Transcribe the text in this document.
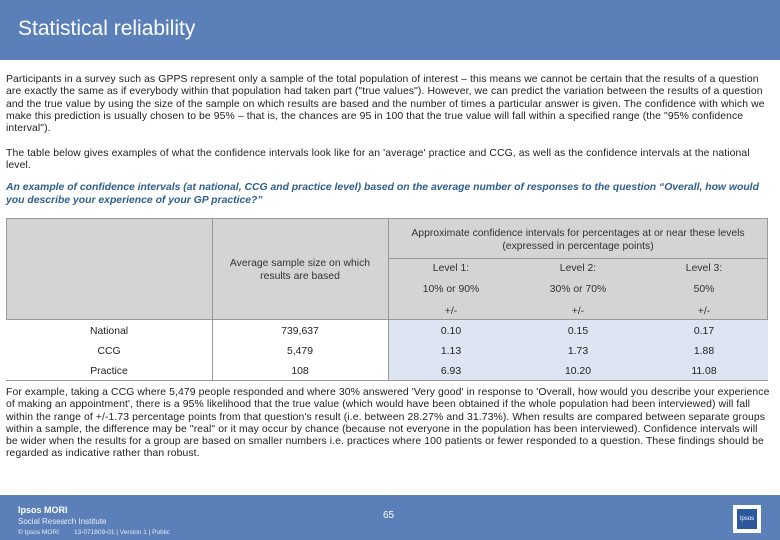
Statistical reliability
Participants in a survey such as GPPS represent only a sample of the total population of interest – this means we cannot be certain that the results of a question are exactly the same as if everybody within that population had taken part ("true values"). However, we can predict the variation between the results of a question and the true value by using the size of the sample on which results are based and the number of times a particular answer is given. The confidence with which we make this prediction is usually chosen to be 95% – that is, the chances are 95 in 100 that the true value will fall within a specified range (the "95% confidence interval").
The table below gives examples of what the confidence intervals look like for an 'average' practice and CCG, as well as the confidence intervals at the national level.
An example of confidence intervals (at national, CCG and practice level) based on the average number of responses to the question “Overall, how would you describe your experience of your GP practice?”
Approximate confidence intervals for percentages at or near these levels (expressed in percentage points)
Average sample size on which results are based
Level 1:	Level 2:	Level 3:
10% or 90%	30% or 70%	50%
+/-	+/-	+/-
National	739,637	0.10	0.15	0.17
CCG	5,479	1.13	1.73	1.88
Practice	108	6.93	10.20	11.08
For example, taking a CCG where 5,479 people responded and where 30% answered 'Very good' in response to 'Overall, how would you describe your experience of making an appointment', there is a 95% likelihood that the true value (which would have been obtained if the whole population had been interviewed) will fall within the range of +/-1.73 percentage points from that question's result (i.e. between 28.27% and 31.73%). When results are compared between separate groups within a sample, the difference may be "real" or it may occur by chance (because not everyone in the population has been interviewed). Confidence intervals will be wider when the results for a group are based on smaller numbers i.e. practices where 100 patients or fewer responded to a question. These findings should be regarded as indicative rather than robust.
Ipsos MORI
Social Research Institute
© Ipsos MORI 13-071809-01 | Version 1 | Public
65	Ipsos
